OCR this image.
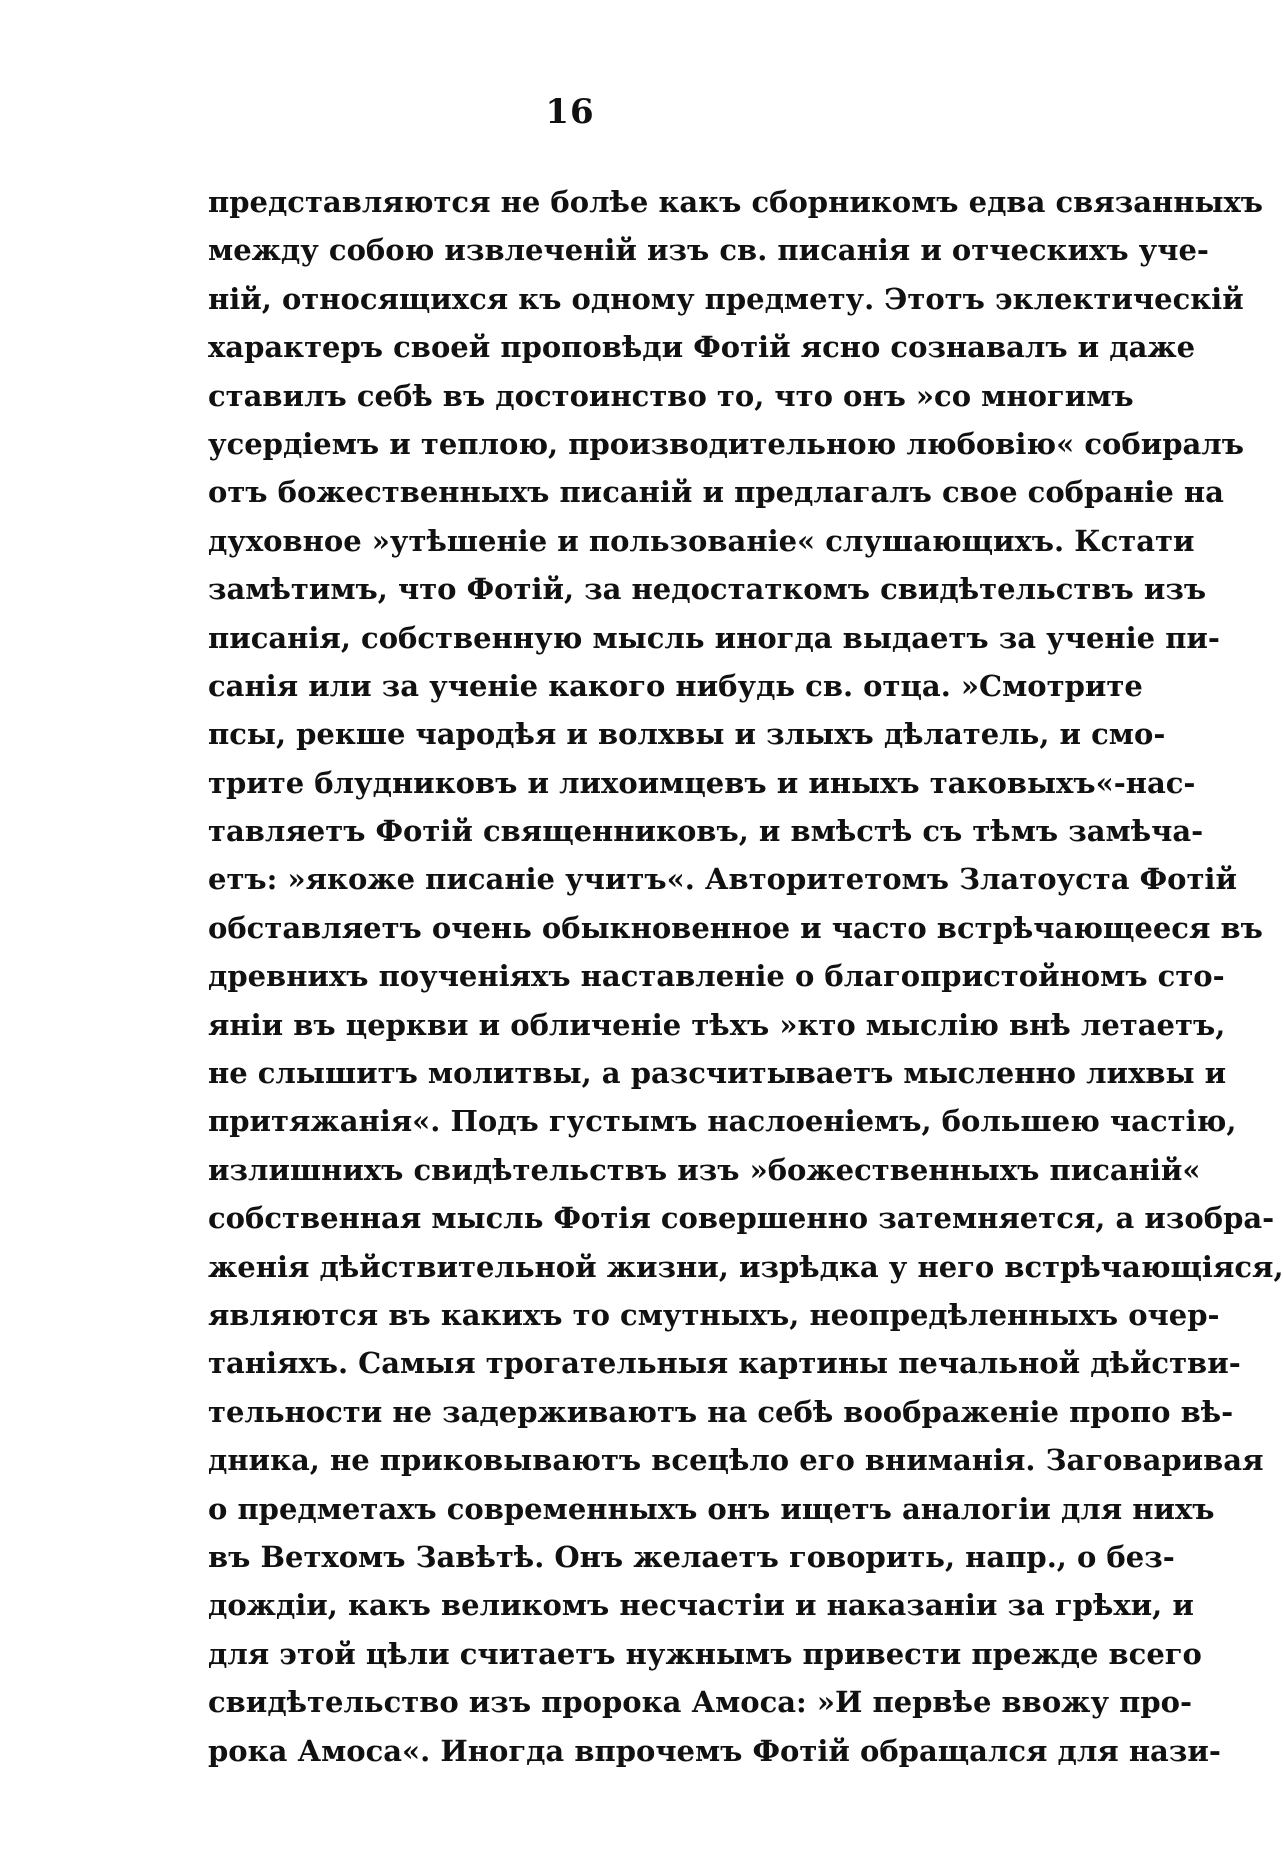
16
представляются не болѣе какъ сборникомъ едва связанныхъ
между собою извлеченій изъ св. писанія и отческихъ уче-
ній, относящихся къ одному предмету. Этотъ эклектическій
характеръ своей проповѣди Фотій ясно сознавалъ и даже
ставилъ себѣ въ достоинство то, что онъ »со многимъ
усердіемъ и теплою, производительною любовію« собиралъ
отъ божественныхъ писаній и предлагалъ свое собраніе на
духовное »утѣшеніе и пользованіе« слушающихъ. Кстати
замѣтимъ, что Фотій, за недостаткомъ свидѣтельствъ изъ
писанія, собственную мысль иногда выдаетъ за ученіе пи-
санія или за ученіе какого нибудь св. отца. »Смотрите
псы, рекше чародѣя и волхвы и злыхъ дѣлатель, и смо-
трите блудниковъ и лихоимцевъ и иныхъ таковыхъ«-нас-
тавляетъ Фотій священниковъ, и вмѣстѣ съ тѣмъ замѣча-
етъ: »якоже писаніе учитъ«. Авторитетомъ Златоуста Фотій
обставляетъ очень обыкновенное и часто встрѣчающееся въ
древнихъ поученіяхъ наставленіе о благопристойномъ сто-
яніи въ церкви и обличеніе тѣхъ »кто мыслію внѣ летаетъ,
не слышитъ молитвы, а разсчитываетъ мысленно лихвы и
притяжанія«. Подъ густымъ наслоеніемъ, большею частію,
излишнихъ свидѣтельствъ изъ »божественныхъ писаній«
собственная мысль Фотія совершенно затемняется, а изобра-
женія дѣйствительной жизни, изрѣдка у него встрѣчающіяся,
являются въ какихъ то смутныхъ, неопредѣленныхъ очер-
таніяхъ. Самыя трогательныя картины печальной дѣйстви-
тельности не задерживаютъ на себѣ воображеніе пропо вѣ-
дника, не приковываютъ всецѣло его вниманія. Заговаривая
о предметахъ современныхъ онъ ищетъ аналогіи для нихъ
въ Ветхомъ Завѣтѣ. Онъ желаетъ говорить, напр., о без-
дождіи, какъ великомъ несчастіи и наказаніи за грѣхи, и
для этой цѣли считаетъ нужнымъ привести прежде всего
свидѣтельство изъ пророка Амоса: »И первѣе ввожу про-
рока Амоса«. Иногда впрочемъ Фотій обращался для нази-
